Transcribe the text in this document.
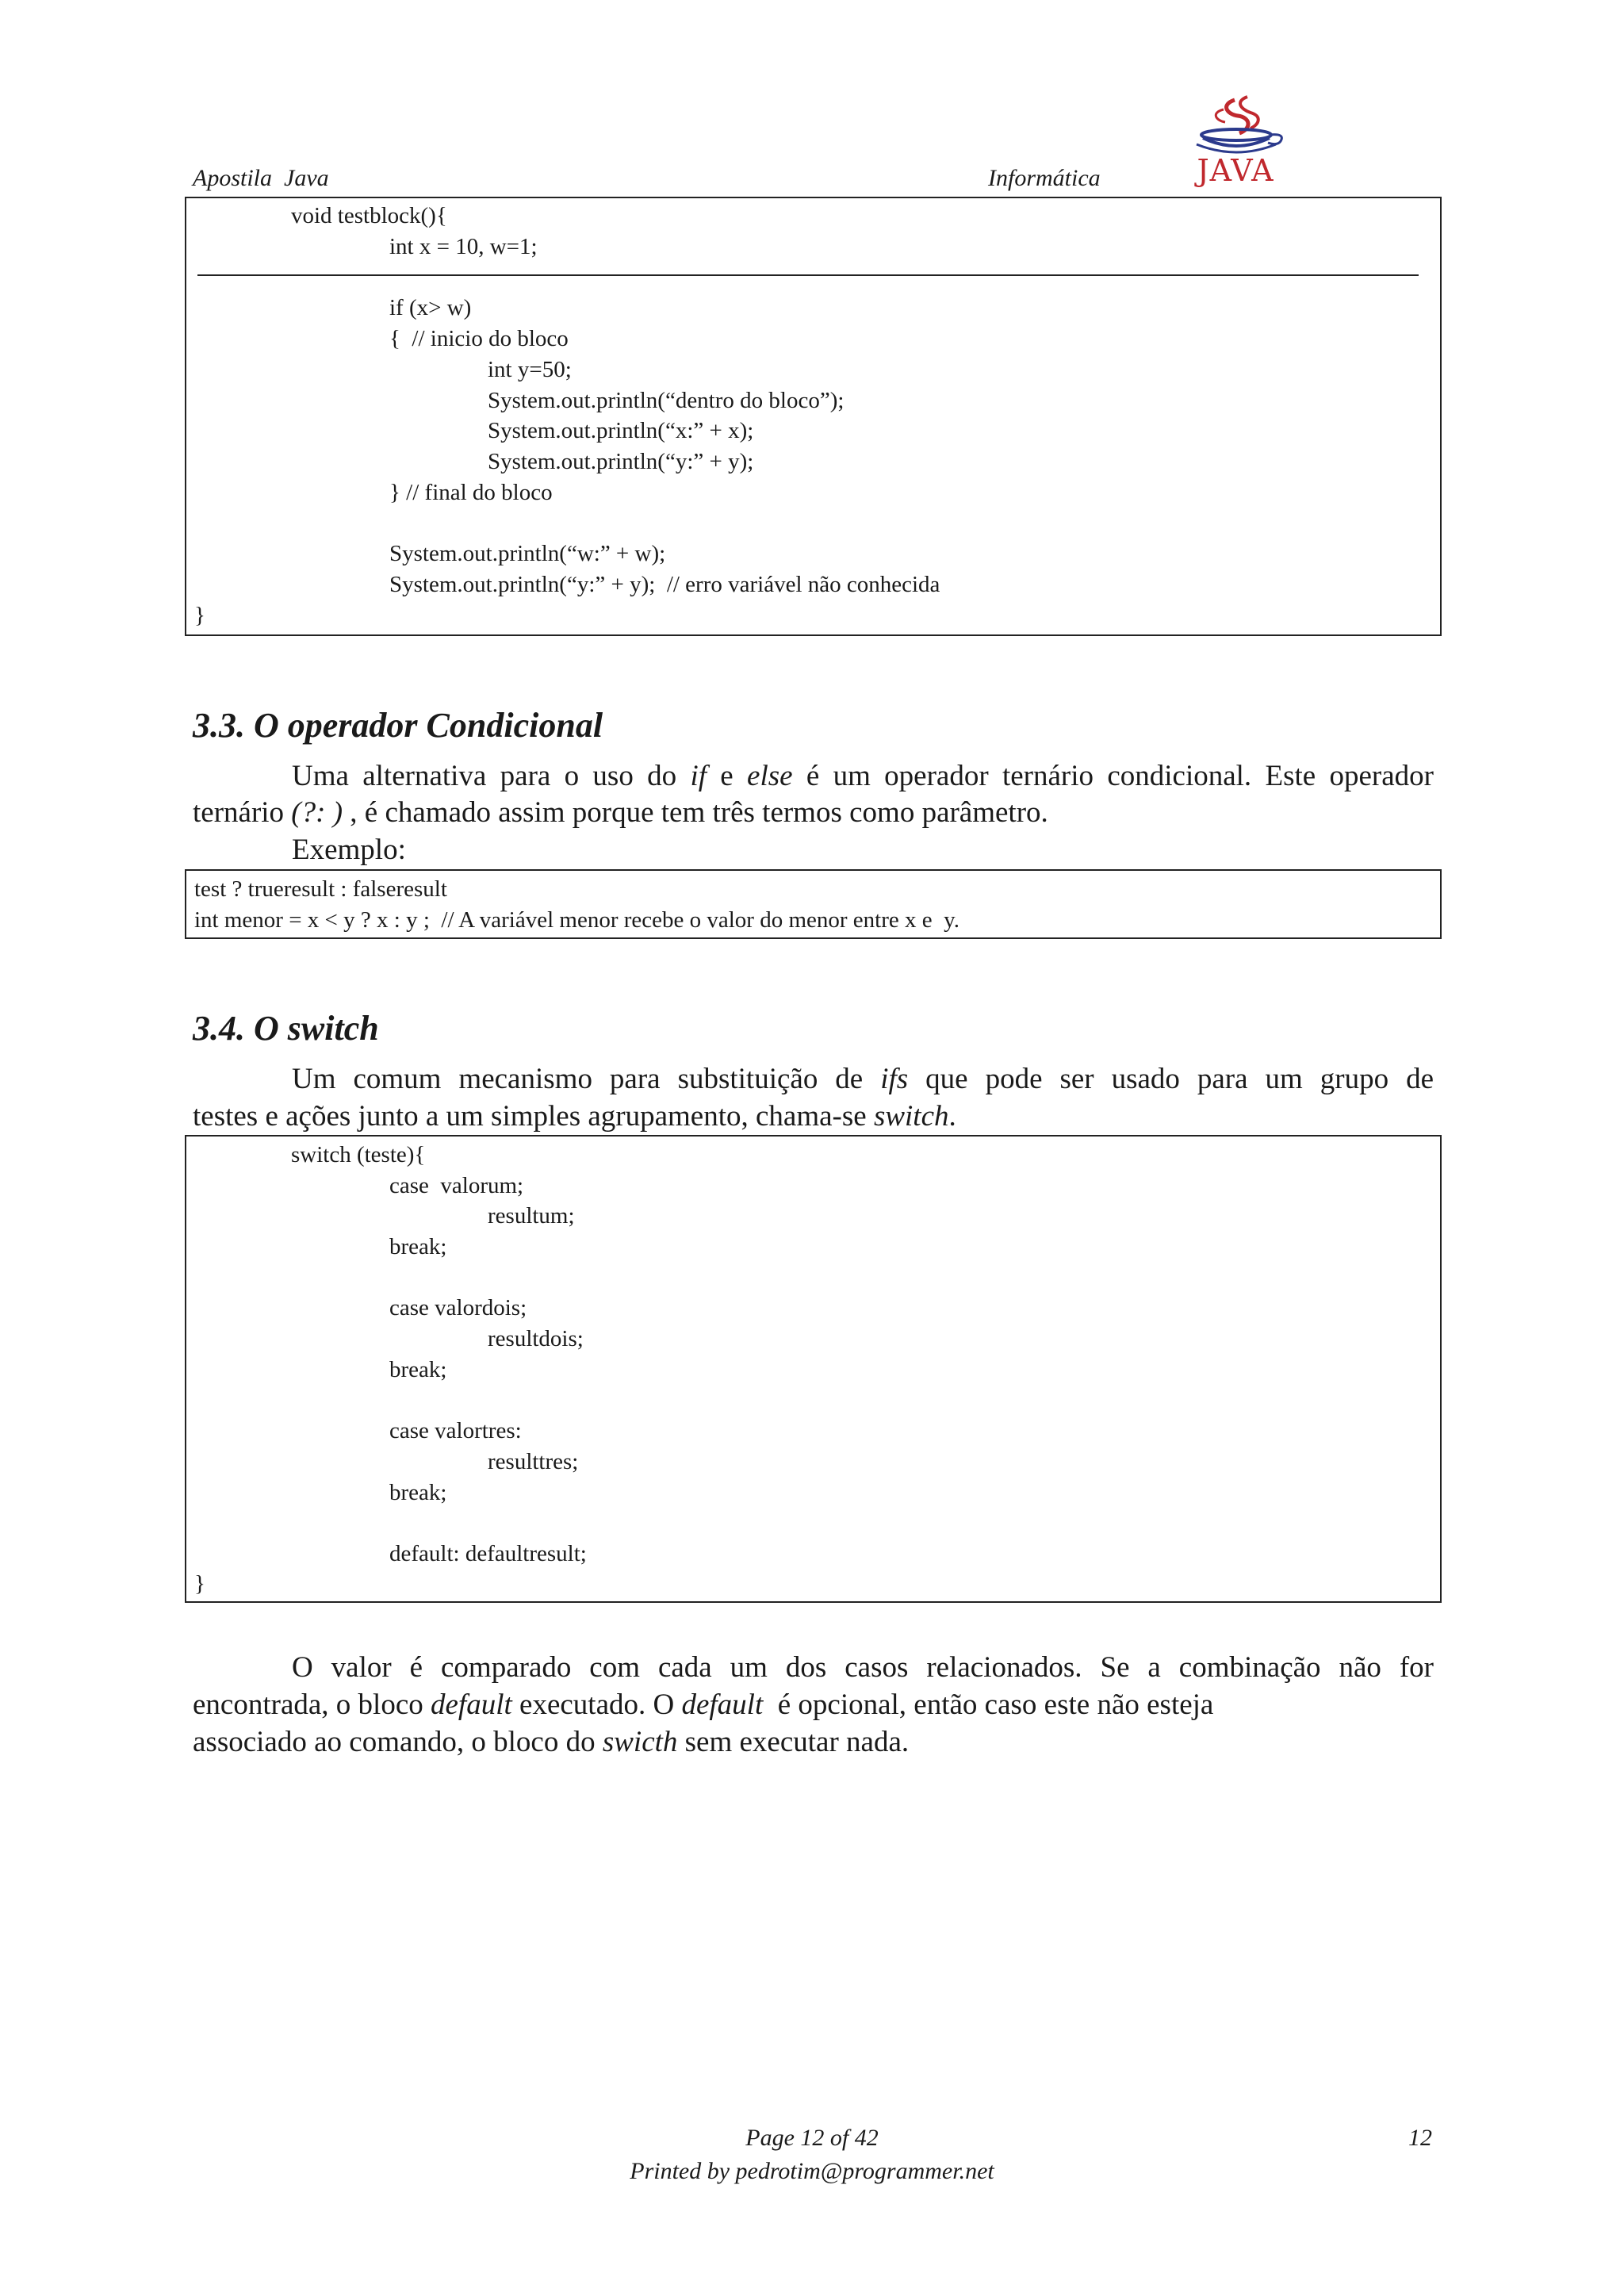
Apostila  Java	Informática	JAVA
void testblock(){
int x = 10, w=1;
if (x> w)
{  // inicio do bloco
int y=50;
System.out.println(“dentro do bloco”);
System.out.println(“x:” + x);
System.out.println(“y:” + y);
} // final do bloco
System.out.println(“w:” + w);
System.out.println(“y:” + y);  // erro variável não conhecida
}
3.3. O operador Condicional
Uma alternativa para o uso do if e else é um operador ternário condicional. Este operador
ternário (?: ) , é chamado assim porque tem três termos como parâmetro.
Exemplo:
test ? trueresult : falseresult
int menor = x < y ? x : y ;  // A variável menor recebe o valor do menor entre x e  y.
3.4. O switch
Um comum mecanismo para substituição de ifs que pode ser usado para um grupo de
testes e ações junto a um simples agrupamento, chama-se switch.
switch (teste){
case  valorum;
resultum;
break;
case valordois;
resultdois;
break;
case valortres:
resulttres;
break;
default: defaultresult;
}
O valor é comparado com cada um dos casos relacionados. Se a combinação não for
encontrada, o bloco default executado. O default  é opcional, então caso este não esteja
associado ao comando, o bloco do swicth sem executar nada.
Page 12 of 42
Printed by pedrotim@programmer.net
12
